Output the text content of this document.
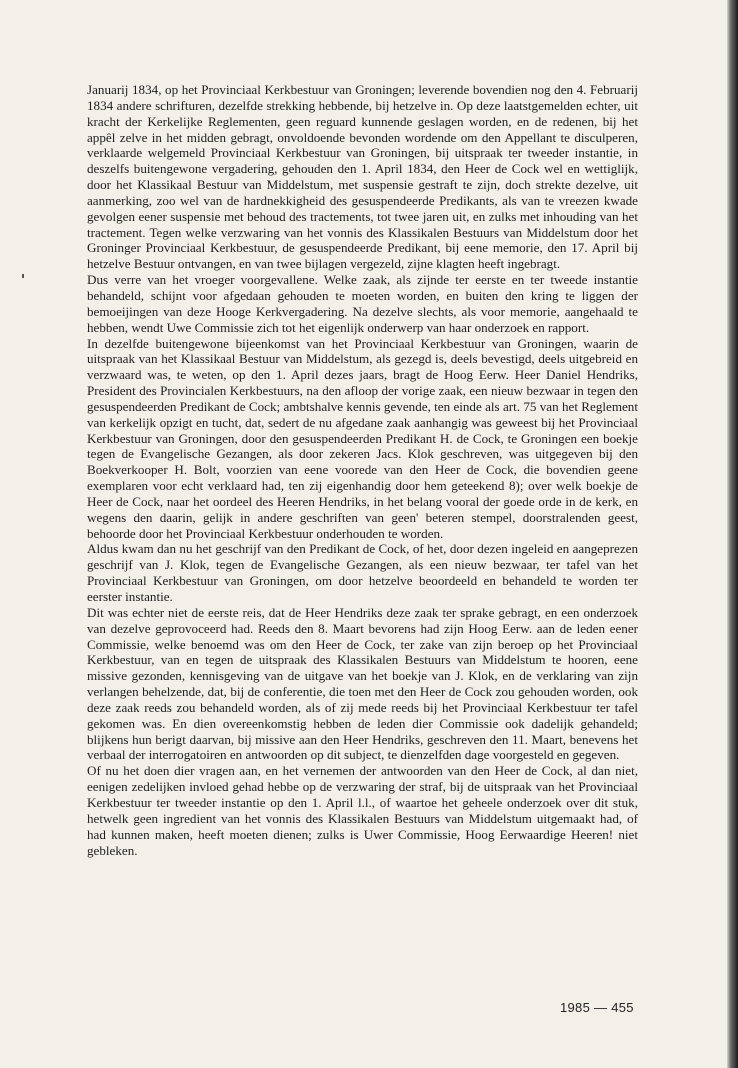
Januarij 1834, op het Provinciaal Kerkbestuur van Groningen; leverende bovendien nog den 4. Februarij 1834 andere schrifturen, dezelfde strekking hebbende, bij hetzelve in. Op deze laatstgemelden echter, uit kracht der Kerkelijke Reglementen, geen reguard kunnende geslagen worden, en de redenen, bij het appêl zelve in het midden gebragt, onvoldoende bevonden wordende om den Appellant te disculperen, verklaarde welgemeld Provinciaal Kerkbestuur van Groningen, bij uitspraak ter tweeder instantie, in deszelfs buitengewone vergadering, gehouden den 1. April 1834, den Heer de Cock wel en wettiglijk, door het Klassikaal Bestuur van Middelstum, met suspensie gestraft te zijn, doch strekte dezelve, uit aanmerking, zoo wel van de hardnekkigheid des gesuspendeerde Predikants, als van te vreezen kwade gevolgen eener suspensie met behoud des tractements, tot twee jaren uit, en zulks met inhouding van het tractement. Tegen welke verzwaring van het vonnis des Klassikalen Bestuurs van Middelstum door het Groninger Provinciaal Kerkbestuur, de gesuspendeerde Predikant, bij eene memorie, den 17. April bij hetzelve Bestuur ontvangen, en van twee bijlagen vergezeld, zijne klagten heeft ingebragt.

Dus verre van het vroeger voorgevallene. Welke zaak, als zijnde ter eerste en ter tweede instantie behandeld, schijnt voor afgedaan gehouden te moeten worden, en buiten den kring te liggen der bemoeijingen van deze Hooge Kerkvergadering. Na dezelve slechts, als voor memorie, aangehaald te hebben, wendt Uwe Commissie zich tot het eigenlijk onderwerp van haar onderzoek en rapport.

In dezelfde buitengewone bijeenkomst van het Provinciaal Kerkbestuur van Groningen, waarin de uitspraak van het Klassikaal Bestuur van Middelstum, als gezegd is, deels bevestigd, deels uitgebreid en verzwaard was, te weten, op den 1. April dezes jaars, bragt de Hoog Eerw. Heer Daniel Hendriks, President des Provincialen Kerkbestuurs, na den afloop der vorige zaak, een nieuw bezwaar in tegen den gesuspendeerden Predikant de Cock; ambtshalve kennis gevende, ten einde als art. 75 van het Reglement van kerkelijk opzigt en tucht, dat, sedert de nu afgedane zaak aanhangig was geweest bij het Provinciaal Kerkbestuur van Groningen, door den gesuspendeerden Predikant H. de Cock, te Groningen een boekje tegen de Evangelische Gezangen, als door zekeren Jacs. Klok geschreven, was uitgegeven bij den Boekverkooper H. Bolt, voorzien van eene voorede van den Heer de Cock, die bovendien geene exemplaren voor echt verklaard had, ten zij eigenhandig door hem geteekend 8); over welk boekje de Heer de Cock, naar het oordeel des Heeren Hendriks, in het belang vooral der goede orde in de kerk, en wegens den daarin, gelijk in andere geschriften van geen' beteren stempel, doorstralenden geest, behoorde door het Provinciaal Kerkbestuur onderhouden te worden.

Aldus kwam dan nu het geschrijf van den Predikant de Cock, of het, door dezen ingeleid en aangeprezen geschrijf van J. Klok, tegen de Evangelische Gezangen, als een nieuw bezwaar, ter tafel van het Provinciaal Kerkbestuur van Groningen, om door hetzelve beoordeeld en behandeld te worden ter eerster instantie.

Dit was echter niet de eerste reis, dat de Heer Hendriks deze zaak ter sprake gebragt, en een onderzoek van dezelve geprovoceerd had. Reeds den 8. Maart bevorens had zijn Hoog Eerw. aan de leden eener Commissie, welke benoemd was om den Heer de Cock, ter zake van zijn beroep op het Provinciaal Kerkbestuur, van en tegen de uitspraak des Klassikalen Bestuurs van Middelstum te hooren, eene missive gezonden, kennisgeving van de uitgave van het boekje van J. Klok, en de verklaring van zijn verlangen behelzende, dat, bij de conferentie, die toen met den Heer de Cock zou gehouden worden, ook deze zaak reeds zou behandeld worden, als of zij mede reeds bij het Provinciaal Kerkbestuur ter tafel gekomen was. En dien overeenkomstig hebben de leden dier Commissie ook dadelijk gehandeld; blijkens hun berigt daarvan, bij missive aan den Heer Hendriks, geschreven den 11. Maart, benevens het verbaal der interrogatoiren en antwoorden op dit subject, te dienzelfden dage voorgesteld en gegeven.

Of nu het doen dier vragen aan, en het vernemen der antwoorden van den Heer de Cock, al dan niet, eenigen zedelijken invloed gehad hebbe op de verzwaring der straf, bij de uitspraak van het Provinciaal Kerkbestuur ter tweeder instantie op den 1. April l.l., of waartoe het geheele onderzoek over dit stuk, hetwelk geen ingredient van het vonnis des Klassikalen Bestuurs van Middelstum uitgemaakt had, of had kunnen maken, heeft moeten dienen; zulks is Uwer Commissie, Hoog Eerwaardige Heeren! niet gebleken.

1985 — 455
